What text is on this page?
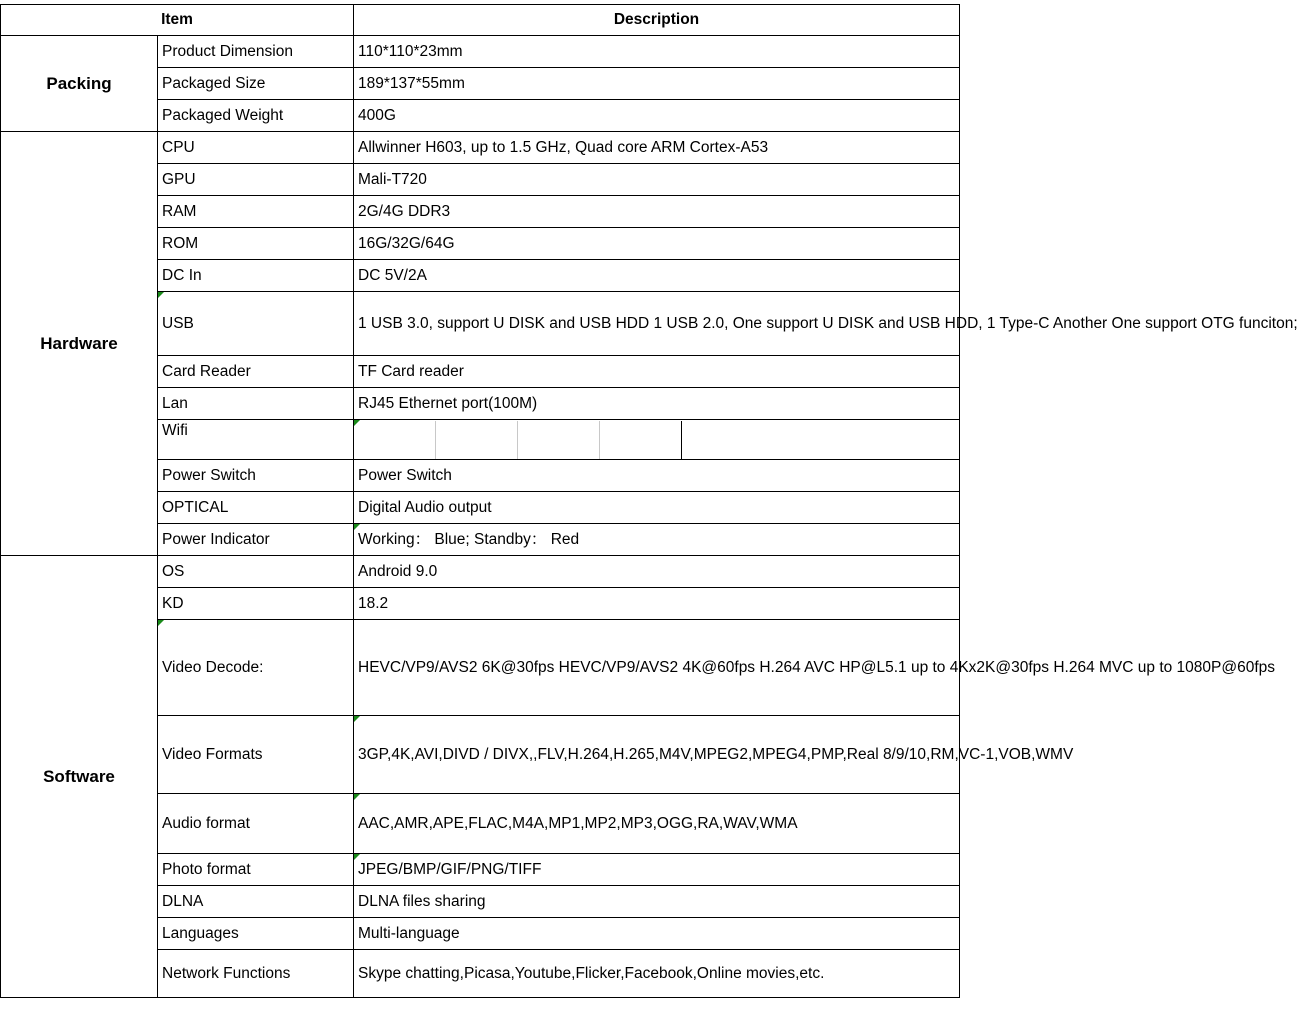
Item		Description
Packing	Product Dimension	110*110*23mm
	Packaged Size	189*137*55mm
	Packaged Weight	400G
Hardware	CPU	Allwinner H603, up to 1.5 GHz, Quad core ARM Cortex-A53
	GPU	Mali-T720
	RAM	2G/4G DDR3
	ROM	16G/32G/64G
	DC In	DC 5V/2A
	USB	1 USB 3.0, support U DISK and USB HDD 1 USB 2.0, One support U DISK and USB HDD, 1 Type-C Another One support OTG funciton;
	Card Reader	TF Card reader
	Lan	RJ45 Ethernet port(100M)
	Wifi	

	Power Switch	Power Switch
	OPTICAL	Digital Audio output
	Power Indicator	Working： Blue; Standby： Red
Software	OS	Android 9.0
	KD	18.2
	Video Decode:	HEVC/VP9/AVS2 6K@30fps HEVC/VP9/AVS2 4K@60fps H.264 AVC HP@L5.1 up to 4Kx2K@30fps H.264 MVC up to 1080P@60fps
	Video Formats	3GP,4K,AVI,DIVD / DIVX,,FLV,H.264,H.265,M4V,MPEG2,MPEG4,PMP,Real 8/9/10,RM,VC-1,VOB,WMV
	Audio format	AAC,AMR,APE,FLAC,M4A,MP1,MP2,MP3,OGG,RA,WAV,WMA
	Photo format	JPEG/BMP/GIF/PNG/TIFF
	DLNA	DLNA files sharing
	Languages	Multi-language
	Network Functions	Skype chatting,Picasa,Youtube,Flicker,Facebook,Online movies,etc.
